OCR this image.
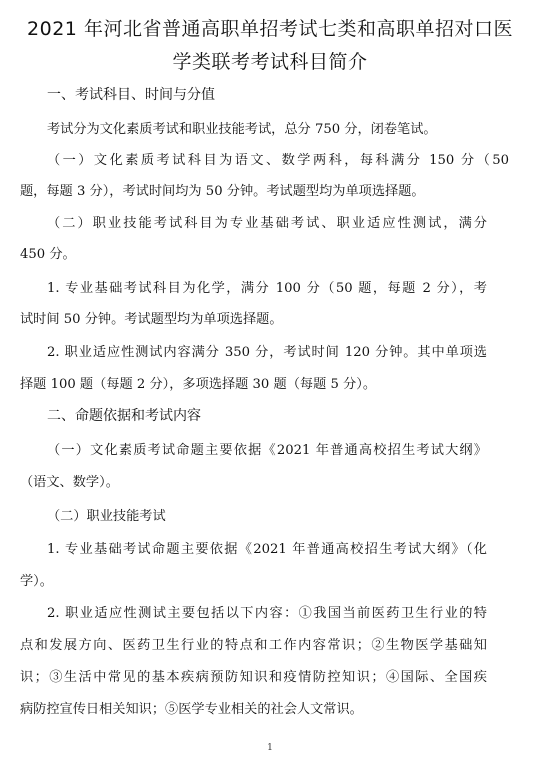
2021 年河北省普通高职单招考试七类和高职单招对口医
学类联考考试科目简介
一、考试科目、时间与分值
考试分为文化素质考试和职业技能考试，总分 750 分，闭卷笔试。
（一）文化素质考试科目为语文、数学两科，每科满分 150 分（50
题，每题 3 分），考试时间均为 50 分钟。考试题型均为单项选择题。
（二）职业技能考试科目为专业基础考试、职业适应性测试，满分
450 分。
1. 专业基础考试科目为化学，满分 100 分（50 题，每题 2 分），考
试时间 50 分钟。考试题型均为单项选择题。
2. 职业适应性测试内容满分 350 分，考试时间 120 分钟。其中单项选
择题 100 题（每题 2 分），多项选择题 30 题（每题 5 分）。
二、命题依据和考试内容
（一）文化素质考试命题主要依据《2021 年普通高校招生考试大纲》
（语文、数学）。
（二）职业技能考试
1. 专业基础考试命题主要依据《2021 年普通高校招生考试大纲》（化
学）。
2. 职业适应性测试主要包括以下内容：①我国当前医药卫生行业的特
点和发展方向、医药卫生行业的特点和工作内容常识；②生物医学基础知
识；③生活中常见的基本疾病预防知识和疫情防控知识；④国际、全国疾
病防控宣传日相关知识；⑤医学专业相关的社会人文常识。
1
